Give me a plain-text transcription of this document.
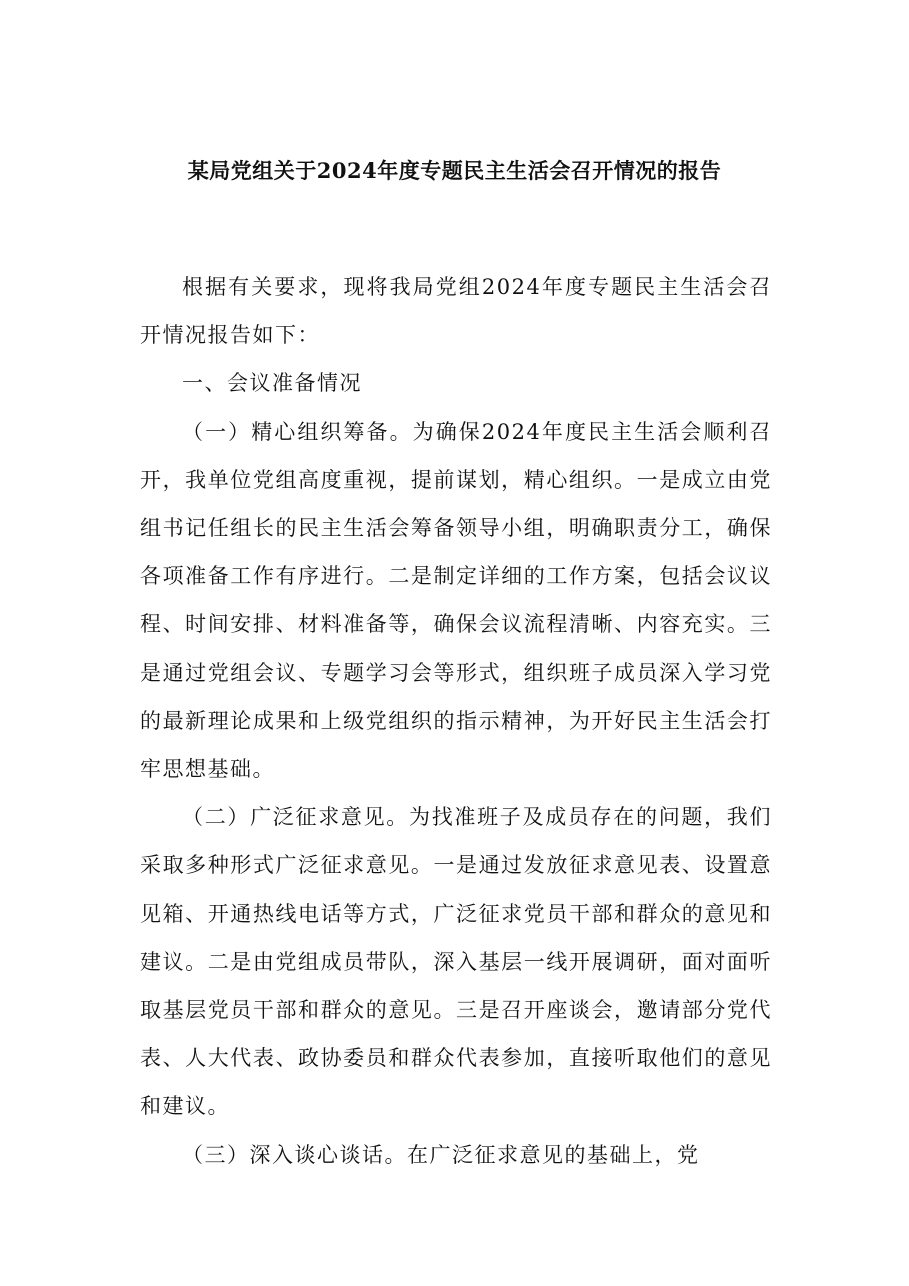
某局党组关于2024年度专题民主生活会召开情况的报告

根据有关要求，现将我局党组2024年度专题民主生活会召开情况报告如下：

一、会议准备情况

（一）精心组织筹备。为确保2024年度民主生活会顺利召开，我单位党组高度重视，提前谋划，精心组织。一是成立由党组书记任组长的民主生活会筹备领导小组，明确职责分工，确保各项准备工作有序进行。二是制定详细的工作方案，包括会议议程、时间安排、材料准备等，确保会议流程清晰、内容充实。三是通过党组会议、专题学习会等形式，组织班子成员深入学习党的最新理论成果和上级党组织的指示精神，为开好民主生活会打牢思想基础。

（二）广泛征求意见。为找准班子及成员存在的问题，我们采取多种形式广泛征求意见。一是通过发放征求意见表、设置意见箱、开通热线电话等方式，广泛征求党员干部和群众的意见和建议。二是由党组成员带队，深入基层一线开展调研，面对面听取基层党员干部和群众的意见。三是召开座谈会，邀请部分党代表、人大代表、政协委员和群众代表参加，直接听取他们的意见和建议。

（三）深入谈心谈话。在广泛征求意见的基础上，党
